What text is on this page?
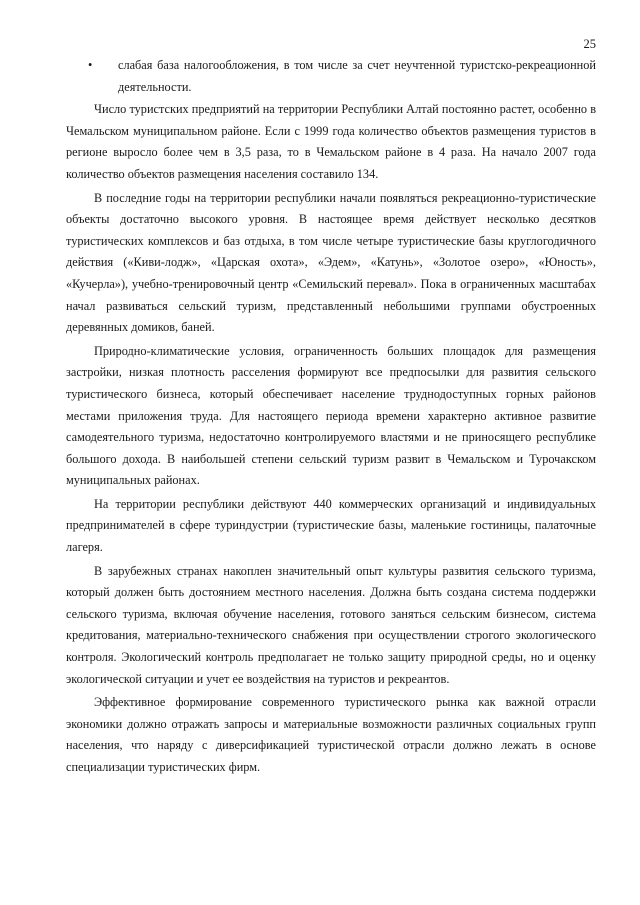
25
• слабая база налогообложения, в том числе за счет неучтенной туристско-рекреационной деятельности.

Число туристских предприятий на территории Республики Алтай постоянно растет, особенно в Чемальском муниципальном районе. Если с 1999 года количество объектов размещения туристов в регионе выросло более чем в 3,5 раза, то в Чемальском районе в 4 раза. На начало 2007 года количество объектов размещения населения составило 134.

В последние годы на территории республики начали появляться рекреационно-туристические объекты достаточно высокого уровня. В настоящее время действует несколько десятков туристических комплексов и баз отдыха, в том числе четыре туристические базы круглогодичного действия («Киви-лодж», «Царская охота», «Эдем», «Катунь», «Золотое озеро», «Юность», «Кучерла»), учебно-тренировочный центр «Семильский перевал». Пока в ограниченных масштабах начал развиваться сельский туризм, представленный небольшими группами обустроенных деревянных домиков, баней.

Природно-климатические условия, ограниченность больших площадок для размещения застройки, низкая плотность расселения формируют все предпосылки для развития сельского туристического бизнеса, который обеспечивает население труднодоступных горных районов местами приложения труда. Для настоящего периода времени характерно активное развитие самодеятельного туризма, недостаточно контролируемого властями и не приносящего республике большого дохода. В наибольшей степени сельский туризм развит в Чемальском и Турочакском муниципальных районах.

На территории республики действуют 440 коммерческих организаций и индивидуальных предпринимателей в сфере туриндустрии (туристические базы, маленькие гостиницы, палаточные лагеря.

В зарубежных странах накоплен значительный опыт культуры развития сельского туризма, который должен быть достоянием местного населения. Должна быть создана система поддержки сельского туризма, включая обучение населения, готового заняться сельским бизнесом, система кредитования, материально-технического снабжения при осуществлении строгого экологического контроля. Экологический контроль предполагает не только защиту природной среды, но и оценку экологической ситуации и учет ее воздействия на туристов и рекреантов.

Эффективное формирование современного туристического рынка как важной отрасли экономики должно отражать запросы и материальные возможности различных социальных групп населения, что наряду с диверсификацией туристической отрасли должно лежать в основе специализации туристических фирм.
